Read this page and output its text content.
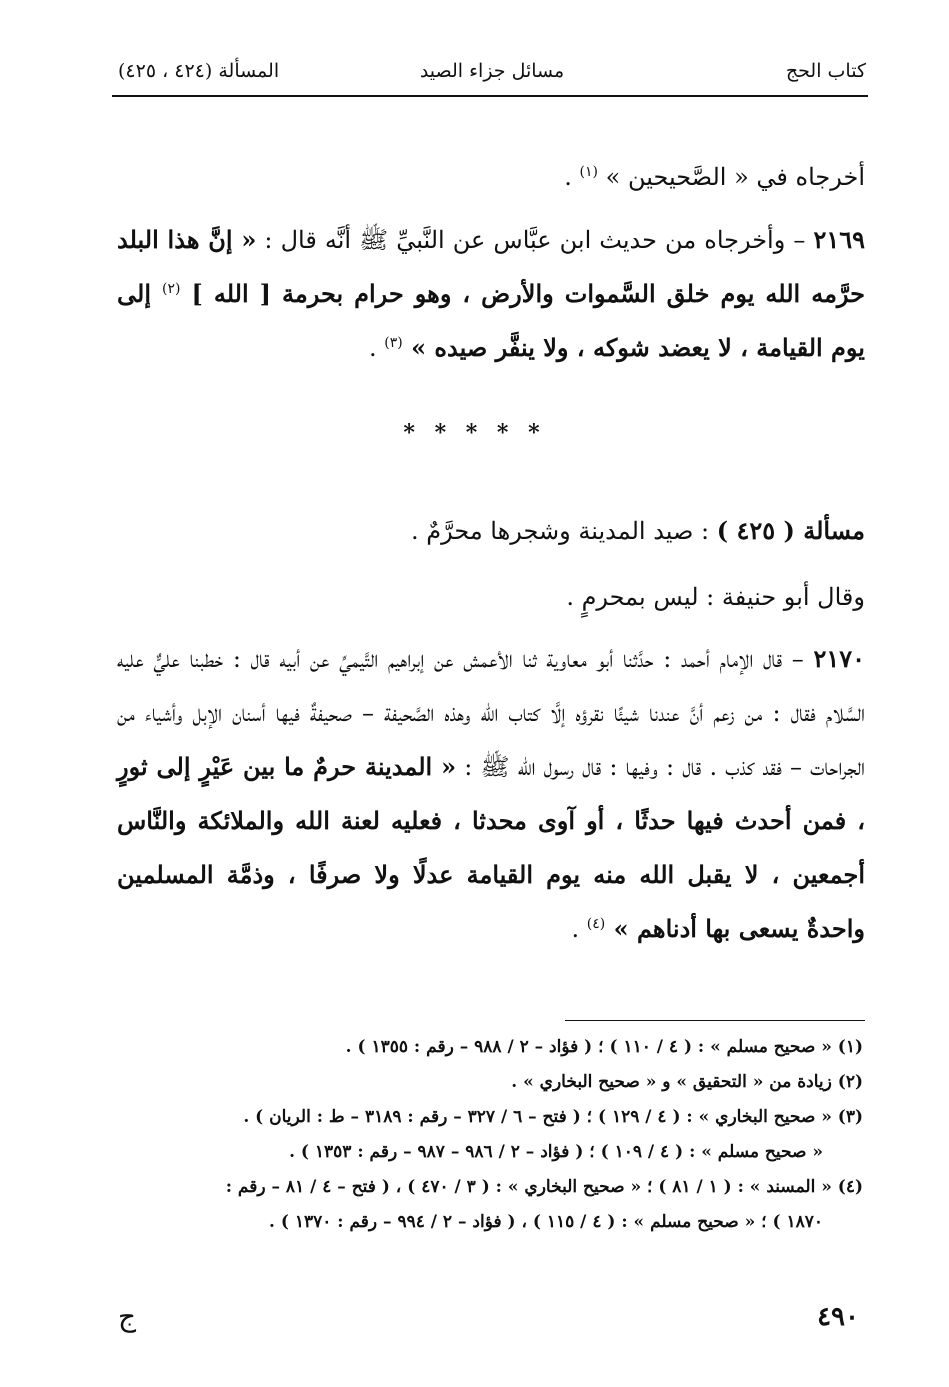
كتاب الحج
مسائل جزاء الصيد
المسألة (٤٢٤ ، ٤٢٥)
أخرجاه في « الصَّحيحين » $^{(١)}$ .
٢١٦٩ – وأخرجاه من حديث ابن عبَّاس عن النَّبيِّ ﷺ أنَّه قال : « إنَّ هذا البلد حرَّمه الله يوم خلق السَّموات والأرض ، وهو حرام بحرمة [ الله ] $^{(٢)}$ إلى يوم القيامة ، لا يعضد شوكه ، ولا ينفَّر صيده » $^{(٣)}$ .
* * * * *
مسألة ( ٤٢٥ ) : صيد المدينة وشجرها محرَّمٌ .
وقال أبو حنيفة : ليس بمحرمٍ .
٢١٧٠ – قال الإمام أحمد : حدَّثنا أبو معاوية ثنا الأعمش عن إبراهيم التَّيميِّ عن أبيه قال : خطبنا عليٌّ عليه السَّلام فقال : من زعم أنَّ عندنا شيئًا نقرؤه إلَّا كتاب الله وهذه الصَّحيفة – صحيفةٌ فيها أسنان الإبل وأشياء من الجراحات – فقد كذب . قال : وفيها : قال رسول الله ﷺ : « المدينة حرمٌ ما بين عَيْرٍ إلى ثورٍ ، فمن أحدث فيها حدثًا ، أو آوى محدثا ، فعليه لعنة الله والملائكة والنَّاس أجمعين ، لا يقبل الله منه يوم القيامة عدلًا ولا صرفًا ، وذمَّة المسلمين واحدةٌ يسعى بها أدناهم » $^{(٤)}$ .
(١) « صحيح مسلم » : ( ٤ / ١١٠ ) ؛ ( فؤاد – ٢ / ٩٨٨ – رقم : ١٣٥٥ ) .
(٢) زيادة من « التحقيق » و « صحيح البخاري » .
(٣) « صحيح البخاري » : ( ٤ / ١٢٩ ) ؛ ( فتح – ٦ / ٣٢٧ – رقم : ٣١٨٩ – ط : الريان ) .
« صحيح مسلم » : ( ٤ / ١٠٩ ) ؛ ( فؤاد – ٢ / ٩٨٦ – ٩٨٧ – رقم : ١٣٥٣ ) .
(٤) « المسند » : ( ١ / ٨١ ) ؛ « صحيح البخاري » : ( ٣ / ٤٧٠ ) ، ( فتح – ٤ / ٨١ – رقم :
١٨٧٠ ) ؛ « صحيح مسلم » : ( ٤ / ١١٥ ) ، ( فؤاد – ٢ / ٩٩٤ – رقم : ١٣٧٠ ) .
٤٩٠
ج
